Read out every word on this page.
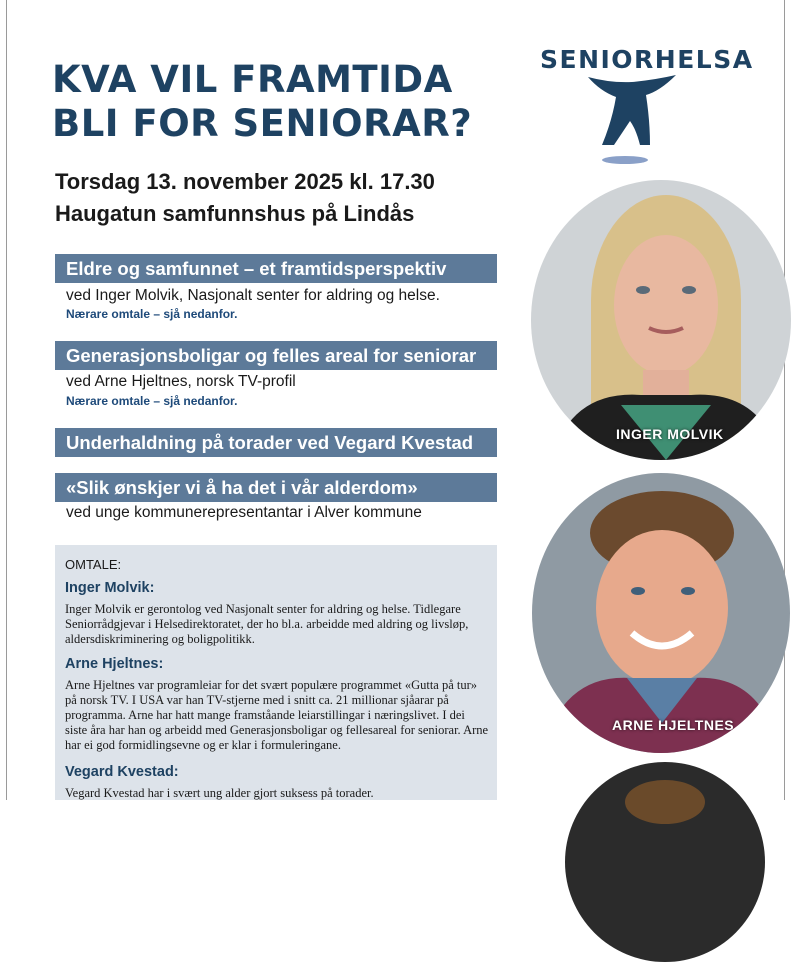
KVA VIL FRAMTIDA BLI FOR SENIORAR?
Torsdag 13. november 2025 kl. 17.30
Haugatun samfunnshus på Lindås
Eldre og samfunnet – et framtidsperspektiv
ved Inger Molvik, Nasjonalt senter for aldring og helse.
Nærare omtale – sjå nedanfor.
Generasjonsboligar og felles areal for seniorar
ved Arne Hjeltnes, norsk TV-profil
Nærare omtale – sjå nedanfor.
Underhaldning på torader ved Vegard Kvestad
«Slik ønskjer vi å ha det i vår alderdom»
ved unge kommunerepresentantar i Alver kommune
OMTALE:
Inger Molvik:

Inger Molvik er gerontolog ved Nasjonalt senter for aldring og helse. Tidlegare Seniorrådgjevar i Helsedirektoratet, der ho bl.a. arbeidde med aldring og livsløp, aldersdiskriminering og boligpolitikk.

Arne Hjeltnes:

Arne Hjeltnes var programleiar for det svært populære programmet «Gutta på tur» på norsk TV. I USA var han TV-stjerne med i snitt ca. 21 millionar sjåarar på programma. Arne har hatt mange framståande leiarstillingar i næringslivet. I dei siste åra har han og arbeidd med Generasjonsboligar og fellesareal for seniorar. Arne har ei god formidlingsevne og er klar i formuleringane.

Vegard Kvestad:

Vegard Kvestad har i svært ung alder gjort suksess på torader.

SENIORHELSA
INGER MOLVIK
ARNE HJELTNES
